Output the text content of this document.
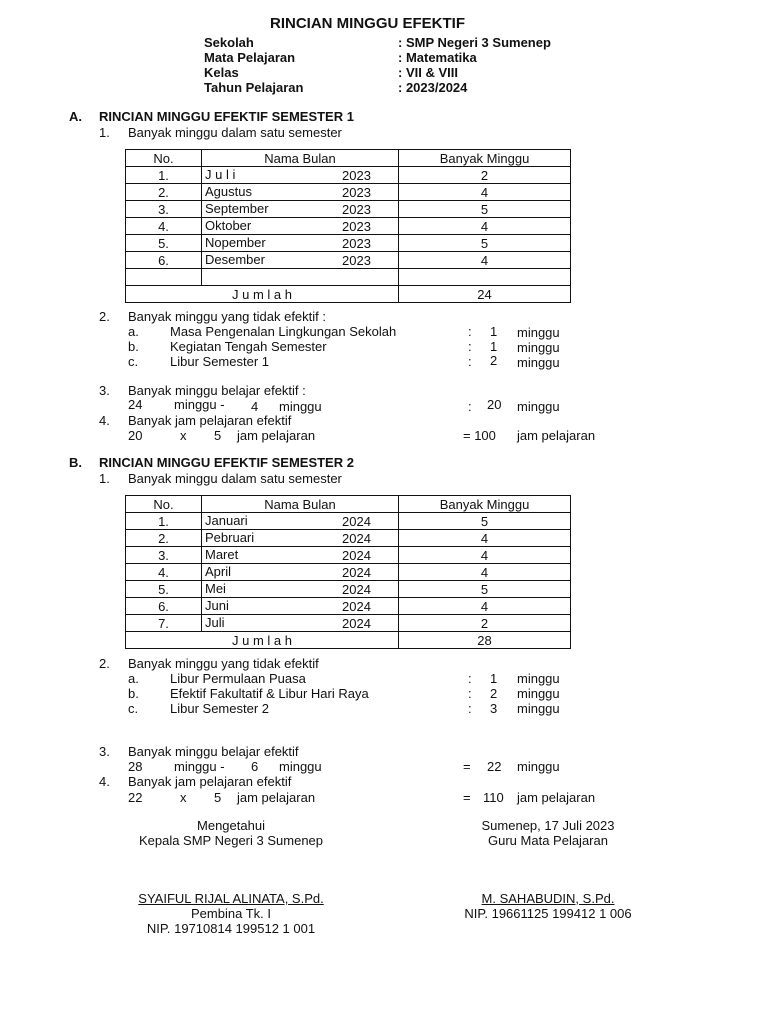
RINCIAN MINGGU EFEKTIF
Sekolah	: SMP Negeri 3 Sumenep
Mata Pelajaran	: Matematika
Kelas	: VII & VIII
Tahun Pelajaran	: 2023/2024
A. RINCIAN MINGGU EFEKTIF SEMESTER 1
1. Banyak minggu dalam satu semester
No.	Nama Bulan	Banyak Minggu
1.	J u l i 2023	2
2.	Agustus 2023	4
3.	September 2023	5
4.	Oktober 2023	4
5.	Nopember 2023	5
6.	Desember 2023	4

J u m l a h		24
2. Banyak minggu yang tidak efektif :
a. Masa Pengenalan Lingkungan Sekolah	: 1 minggu
b. Kegiatan Tengah Semester	: 1 minggu
c. Libur Semester 1	: 2 minggu
3. Banyak minggu belajar efektif :
24 minggu - 4 minggu	: 20 minggu
4. Banyak jam pelajaran efektif
20	x 5 jam pelajaran	= 100 jam pelajaran
B. RINCIAN MINGGU EFEKTIF SEMESTER 2
1. Banyak minggu dalam satu semester
No.	Nama Bulan	Banyak Minggu
1.	Januari 2024	5
2.	Pebruari 2024	4
3.	Maret 2024	4
4.	April 2024	4
5.	Mei 2024	5
6.	Juni 2024	4
7.	Juli 2024	2
J u m l a h		28
2. Banyak minggu yang tidak efektif
a. Libur Permulaan Puasa	: 1 minggu
b. Efektif Fakultatif & Libur Hari Raya	: 2 minggu
c. Libur Semester 2	: 3 minggu
3. Banyak minggu belajar efektif
28 minggu - 6 minggu	= 22 minggu
4. Banyak jam pelajaran efektif
22	x 5 jam pelajaran	= 110 jam pelajaran
Mengetahui
Kepala SMP Negeri 3 Sumenep
SYAIFUL RIJAL ALINATA, S.Pd.
Pembina Tk. I
NIP. 19710814 199512 1 001
Sumenep, 17 Juli 2023
Guru Mata Pelajaran
M. SAHABUDIN, S.Pd.
NIP. 19661125 199412 1 006
